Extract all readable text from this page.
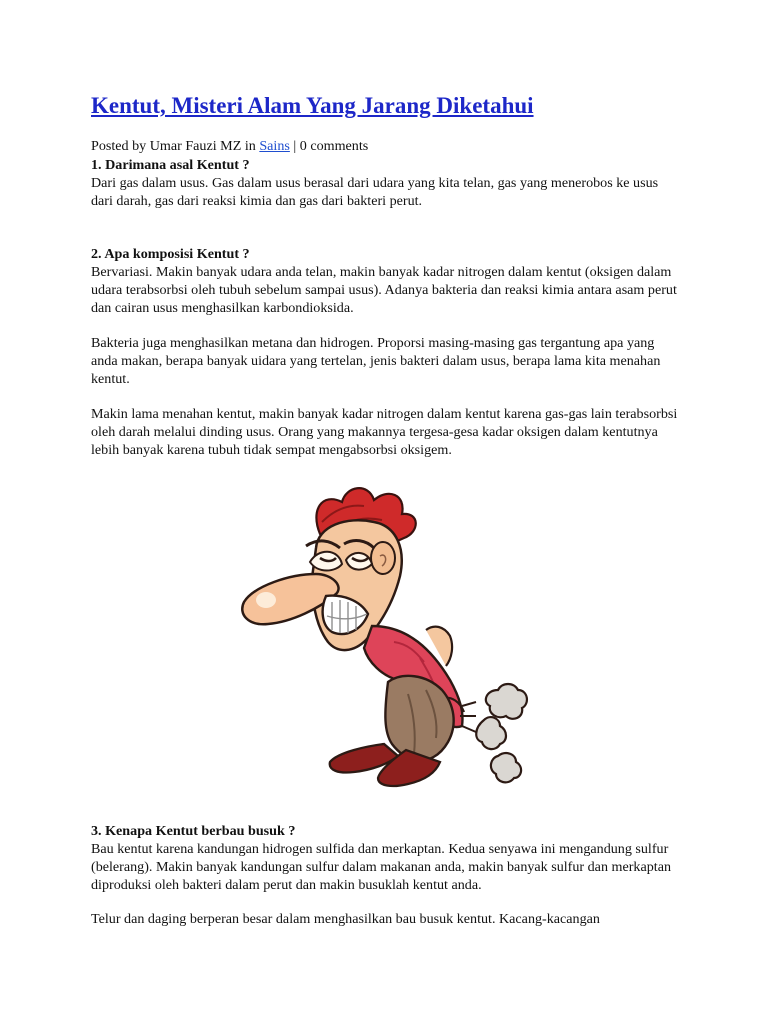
Kentut, Misteri Alam Yang Jarang Diketahui
Posted by Umar Fauzi MZ in Sains | 0 comments
1. Darimana asal Kentut ?

Dari gas dalam usus. Gas dalam usus berasal dari udara yang kita telan, gas yang menerobos ke usus dari darah, gas dari reaksi kimia dan gas dari bakteri perut.

2. Apa komposisi Kentut ?

Bervariasi. Makin banyak udara anda telan, makin banyak kadar nitrogen dalam kentut (oksigen dalam udara terabsorbsi oleh tubuh sebelum sampai usus). Adanya bakteria dan reaksi kimia antara asam perut dan cairan usus menghasilkan karbondioksida.

Bakteria juga menghasilkan metana dan hidrogen. Proporsi masing-masing gas tergantung apa yang anda makan, berapa banyak uidara yang tertelan, jenis bakteri dalam usus, berapa lama kita menahan kentut.

Makin lama menahan kentut, makin banyak kadar nitrogen dalam kentut karena gas-gas lain terabsorbsi oleh darah melalui dinding usus. Orang yang makannya tergesa-gesa kadar oksigen dalam kentutnya lebih banyak karena tubuh tidak sempat mengabsorbsi oksigem.

3. Kenapa Kentut berbau busuk ?

Bau kentut karena kandungan hidrogen sulfida dan merkaptan. Kedua senyawa ini mengandung sulfur (belerang). Makin banyak kandungan sulfur dalam makanan anda, makin banyak sulfur dan merkaptan diproduksi oleh bakteri dalam perut dan makin busuklah kentut anda.

Telur dan daging berperan besar dalam menghasilkan bau busuk kentut. Kacang-kacangan
